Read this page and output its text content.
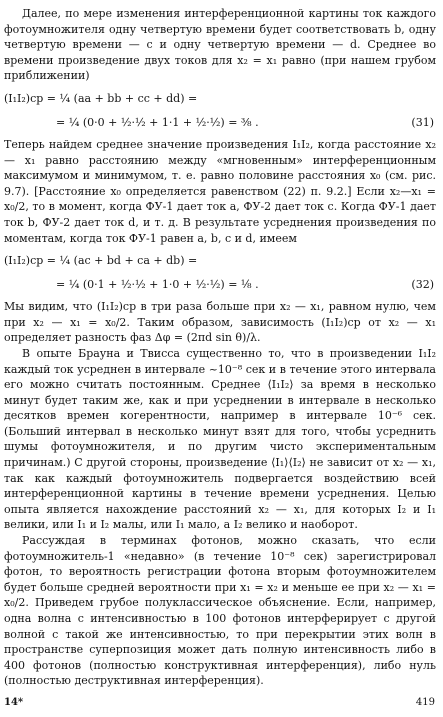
Далее, по мере изменения интерференционной картины ток каждого фотоумножителя одну четвертую времени будет соответствовать b, одну четвертую времени — с и одну четвертую времени — d. Среднее во времени произведение двух токов для x₂ = x₁ равно (при нашем грубом приближении)

(I₁I₂)ср = ¼ (aa + bb + cc + dd) =
= ¼ (0·0 + ½·½ + 1·1 + ½·½) = ⅜ .	(31)

Теперь найдем среднее значение произведения I₁I₂, когда расстояние x₂ — x₁ равно расстоянию между «мгновенным» интерференционным максимумом и минимумом, т. е. равно половине расстояния x₀ (см. рис. 9.7). [Расстояние x₀ определяется равенством (22) п. 9.2.] Если x₂—x₁ = x₀/2, то в момент, когда ФУ-1 дает ток а, ФУ-2 дает ток с. Когда ФУ-1 дает ток b, ФУ-2 дает ток d, и т. д. В результате усреднения произведения по моментам, когда ток ФУ-1 равен a, b, c и d, имеем

(I₁I₂)ср = ¼ (ac + bd + ca + db) =
= ¼ (0·1 + ½·½ + 1·0 + ½·½) = ⅛ .	(32)

Мы видим, что (I₁I₂)ср в три раза больше при x₂ — x₁, равном нулю, чем при x₂ — x₁ = x₀/2. Таким образом, зависимость (I₁I₂)ср от x₂ — x₁ определяет разность фаз Δφ = (2πd sin θ)/λ.

В опыте Брауна и Твисса существенно то, что в произведении I₁I₂ каждый ток усреднен в интервале ~10⁻⁸ сек и в течение этого интервала его можно считать постоянным. Среднее ⟨I₁I₂⟩ за время в несколько минут будет таким же, как и при усреднении в интервале в несколько десятков времен когерентности, например в интервале 10⁻⁶ сек. (Больший интервал в несколько минут взят для того, чтобы усреднить шумы фотоумножителя, и по другим чисто экспериментальным причинам.) С другой стороны, произведение ⟨I₁⟩⟨I₂⟩ не зависит от x₂ — x₁, так как каждый фотоумножитель подвергается воздействию всей интерференционной картины в течение времени усреднения. Целью опыта является нахождение расстояний x₂ — x₁, для которых I₂ и I₁ велики, или I₁ и I₂ малы, или I₁ мало, а I₂ велико и наоборот.

Рассуждая в терминах фотонов, можно сказать, что если фотоумножитель-1 «недавно» (в течение 10⁻⁸ сек) зарегистрировал фотон, то вероятность регистрации фотона вторым фотоумножителем будет больше средней вероятности при x₁ = x₂ и меньше ее при x₂ — x₁ = x₀/2. Приведем грубое полуклассическое объяснение. Если, например, одна волна с интенсивностью в 100 фотонов интерферирует с другой волной с такой же интенсивностью, то при перекрытии этих волн в пространстве суперпозиция может дать полную интенсивность либо в 400 фотонов (полностью конструктивная интерференция), либо нуль (полностью деструктивная интерференция).

14*	419
